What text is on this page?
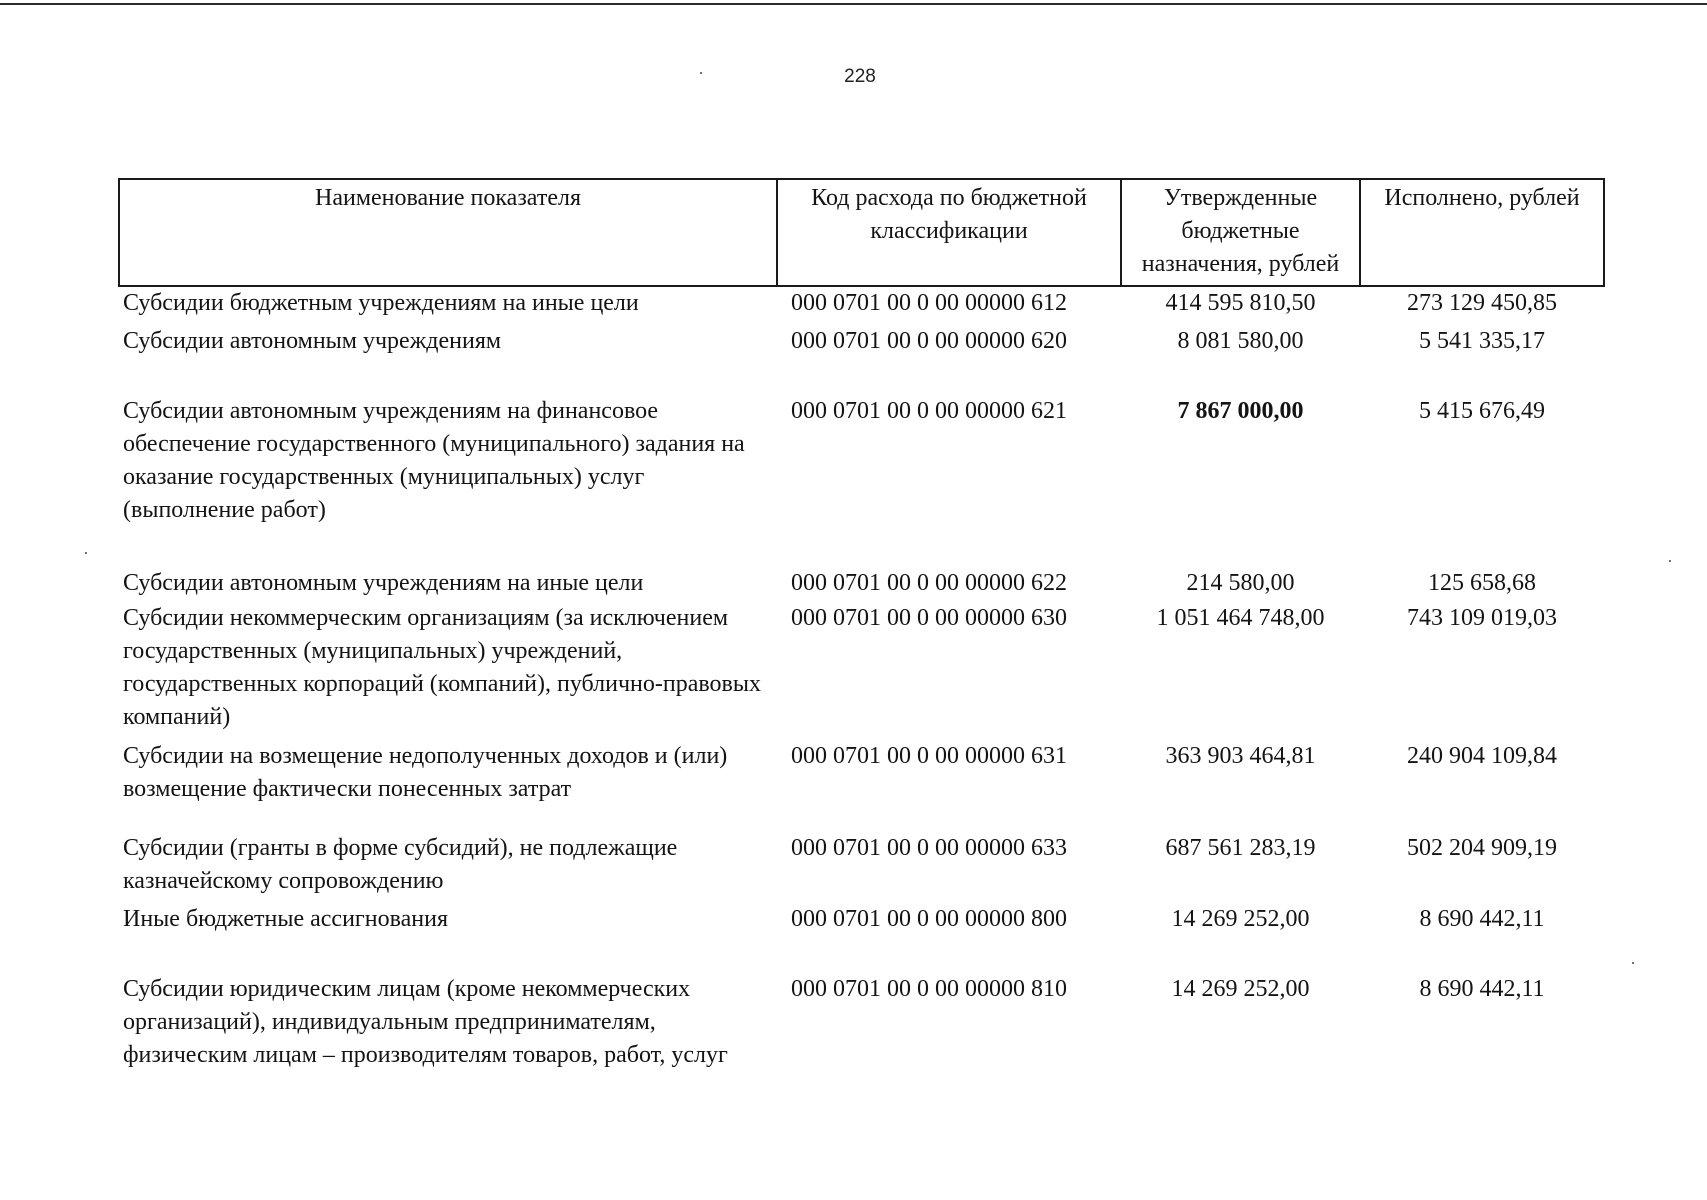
228
Наименование показателя	Код расхода по бюджетной классификации	Утвержденные бюджетные назначения, рублей	Исполнено, рублей
Субсидии бюджетным учреждениям на иные цели	000 0701 00 0 00 00000 612	414 595 810,50	273 129 450,85
Субсидии автономным учреждениям	000 0701 00 0 00 00000 620	8 081 580,00	5 541 335,17
Субсидии автономным учреждениям на финансовое обеспечение государственного (муниципального) задания на оказание государственных (муниципальных) услуг (выполнение работ)	000 0701 00 0 00 00000 621	7 867 000,00	5 415 676,49
Субсидии автономным учреждениям на иные цели	000 0701 00 0 00 00000 622	214 580,00	125 658,68
Субсидии некоммерческим организациям (за исключением государственных (муниципальных) учреждений, государственных корпораций (компаний), публично-правовых компаний)	000 0701 00 0 00 00000 630	1 051 464 748,00	743 109 019,03
Субсидии на возмещение недополученных доходов и (или) возмещение фактически понесенных затрат	000 0701 00 0 00 00000 631	363 903 464,81	240 904 109,84
Субсидии (гранты в форме субсидий), не подлежащие казначейскому сопровождению	000 0701 00 0 00 00000 633	687 561 283,19	502 204 909,19
Иные бюджетные ассигнования	000 0701 00 0 00 00000 800	14 269 252,00	8 690 442,11
Субсидии юридическим лицам (кроме некоммерческих организаций), индивидуальным предпринимателям, физическим лицам – производителям товаров, работ, услуг	000 0701 00 0 00 00000 810	14 269 252,00	8 690 442,11
